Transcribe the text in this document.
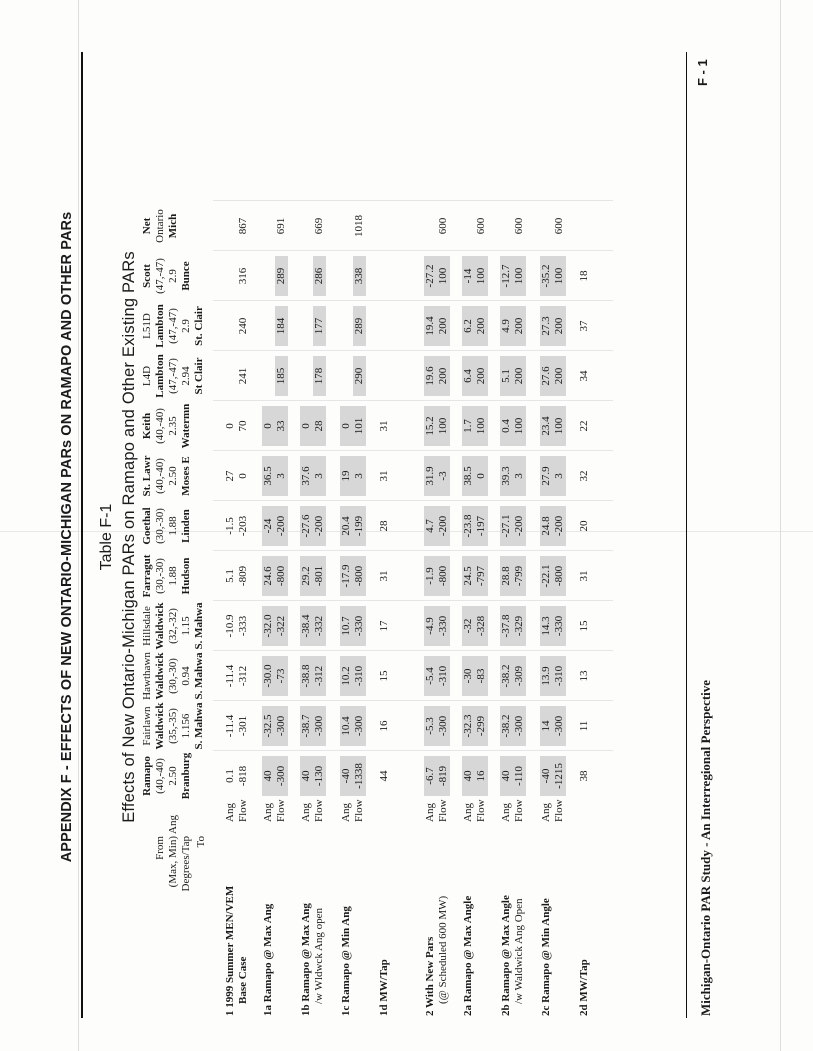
APPENDIX F - EFFECTS OF NEW ONTARIO-MICHIGAN PARs ON RAMAPO AND OTHER PARs Table F-1 Effects of New Ontario-Michigan PARs on Ramapo and Other Existing PARs
(Max, Min) Degrees/Tap
From
Ang
To
Ramapo (40,-40) 2.50 Branburg
Fairlawn Waldwick (35,-35) 1.156 S. Mahwa
Hawthawn Waldwick (30,-30) 0.94 S. Mahwa
Hillsdale Waldwick (32,-32) 1.15 S. Mahwa
Farragut (30,-30) 1.88 Hudson
Goethal (30,-30) 1.88 Linden
St. Lawr (40,-40) 2.50 Moses E
Keith (40,-40) 2.35 Watermn
L4D Lambton (47,-47) 2.94 St Clair
L51D Lambton (47,-47) 2.9 St. Clair
Scott (47,-47) 2.9 Bunce
Net Ontario Mich
1 1999 Summer MEN/VEM Base Case
Ang Flow
0.1
-11.4
-11.4
-10.9
5.1
-1.5
27
0
-818
-301
-312
-333
-809
-203
0
70
241
240
316
867
1a Ramapo @ Max Ang
Ang Flow
40
-32.5
-30.0
-32.0
24.6
-24
36.5
0
-300
-300
-73
-322
-800
-200
3
33
185
184
289
691
1b Ramapo @ Max Ang /w Wldwck Ang open
Ang Flow
40
-38.7
-38.8
-38.4
29.2
-27.6
37.6
0
-130
-300
-312
-332
-801
-200
3
28
178
177
286
669
1c Ramapo @ Min Ang
Ang Flow
-40
10.4
10.2
10.7
-17.9
20.4
19
0
-1338
-300
-310
-330
-800
-199
3
101
290
289
338
1018
1d MW/Tap
44
16
15
17
31
28
31
31
2 With New Pars (@ Scheduled 600 MW)
Ang Flow
-6.7
-5.3
-5.4
-4.9
-1.9
4.7
31.9
15.2
19.6
19.4
-27.2
-819
-300
-310
-330
-800
-200
-3
100
200
200
100
600
2a Ramapo @ Max Angle
Ang Flow
40
-32.3
-30
-32
24.5
-23.8
38.5
1.7
6.4
6.2
-14
16
-299
-83
-328
-797
-197
0
100
200
200
100
600
2b Ramapo @ Max Angle /w Waldwick Ang Open
Ang Flow
40
-38.2
-38.2
-37.8
28.8
-27.1
39.3
0.4
5.1
4.9
-12.7
-110
-300
-309
-329
-799
-200
3
100
200
200
100
600
2c Ramapo @ Min Angle
Ang Flow
-40
14
13.9
14.3
-22.1
24.8
27.9
23.4
27.6
27.3
-35.2
-1215
-300
-310
-330
-800
-200
3
100
200
200
100
600
2d MW/Tap
38
11
13
15
31
20
32
22
34
37
18
Michigan-Ontario PAR Study - An Interregional Perspective
F - 1
